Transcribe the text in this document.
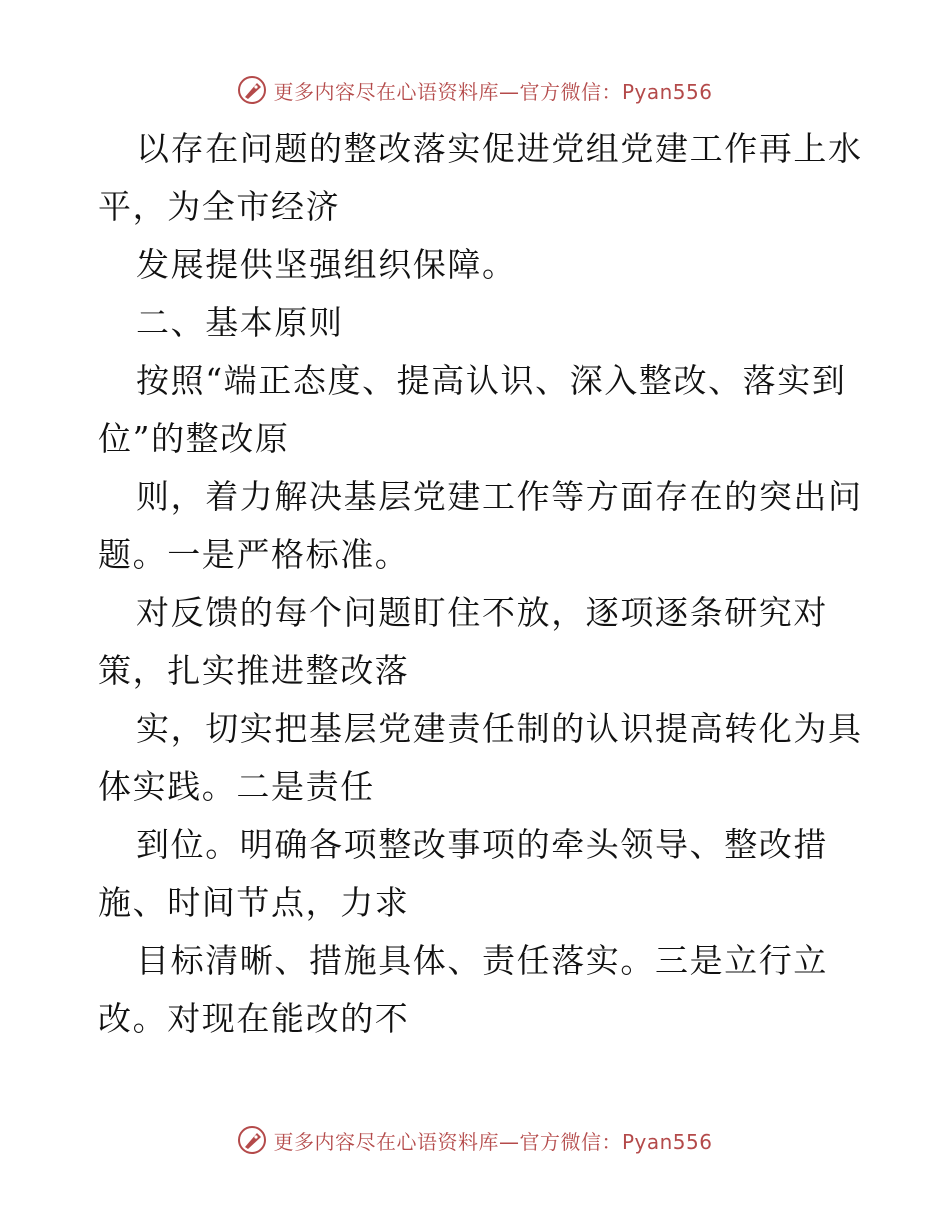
更多内容尽在心语资料库—官方微信：Pyan556
以存在问题的整改落实促进党组党建工作再上水
平，为全市经济
发展提供坚强组织保障。
二、基本原则
按照“端正态度、提高认识、深入整改、落实到
位”的整改原
则，着力解决基层党建工作等方面存在的突出问
题。一是严格标准。
对反馈的每个问题盯住不放，逐项逐条研究对
策，扎实推进整改落
实，切实把基层党建责任制的认识提高转化为具
体实践。二是责任
到位。明确各项整改事项的牵头领导、整改措
施、时间节点，力求
目标清晰、措施具体、责任落实。三是立行立
改。对现在能改的不
更多内容尽在心语资料库—官方微信：Pyan556
